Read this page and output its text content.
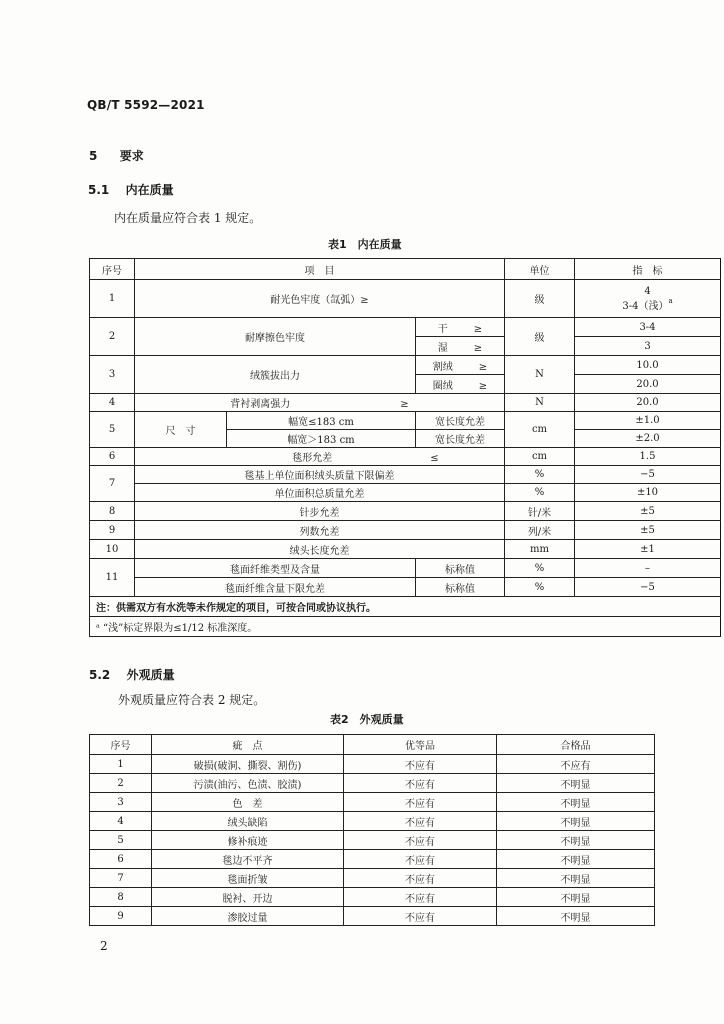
QB/T 5592—2021
5 要求
5.1 内在质量
内在质量应符合表 1 规定。
表1　内在质量
序号	项　目			单位	指　标
1	耐光色牢度（氙弧）≥			级	4
3-4（浅）$^a$

2	耐摩擦色牢度		干 ≥	级	3-4
			湿 ≥		3
3	绒簇拔出力		割绒 ≥	N	10.0
			圈绒 ≥		20.0
4	背衬剥离强力 ≥			N	20.0
5	尺　寸	幅宽≤183 cm	宽长度允差	cm	±1.0
		幅宽＞183 cm	宽长度允差		±2.0
6	毯形允差 ≤			cm	1.5
7	毯基上单位面积绒头质量下限偏差			%	−5
	单位面积总质量允差			%	±10
8	针步允差			针/米	±5
9	列数允差			列/米	±5
10	绒头长度允差			mm	±1
11	毯面纤维类型及含量		标称值	%	–
	毯面纤维含量下限允差		标称值	%	−5
注：供需双方有水洗等未作规定的项目，可按合同或协议执行。					
ᵃ “浅”标定界限为≤1/12 标准深度。					
5.2 外观质量
外观质量应符合表 2 规定。
表2　外观质量
序号	疵　点	优等品	合格品
1	破损(破洞、撕裂、割伤)	不应有	不应有
2	污渍(油污、色渍、胶渍)	不应有	不明显
3	色　差	不应有	不明显
4	绒头缺陷	不应有	不明显
5	修补痕迹	不应有	不明显
6	毯边不平齐	不应有	不明显
7	毯面折皱	不应有	不明显
8	脱衬、开边	不应有	不明显
9	渗胶过量	不应有	不明显
2
